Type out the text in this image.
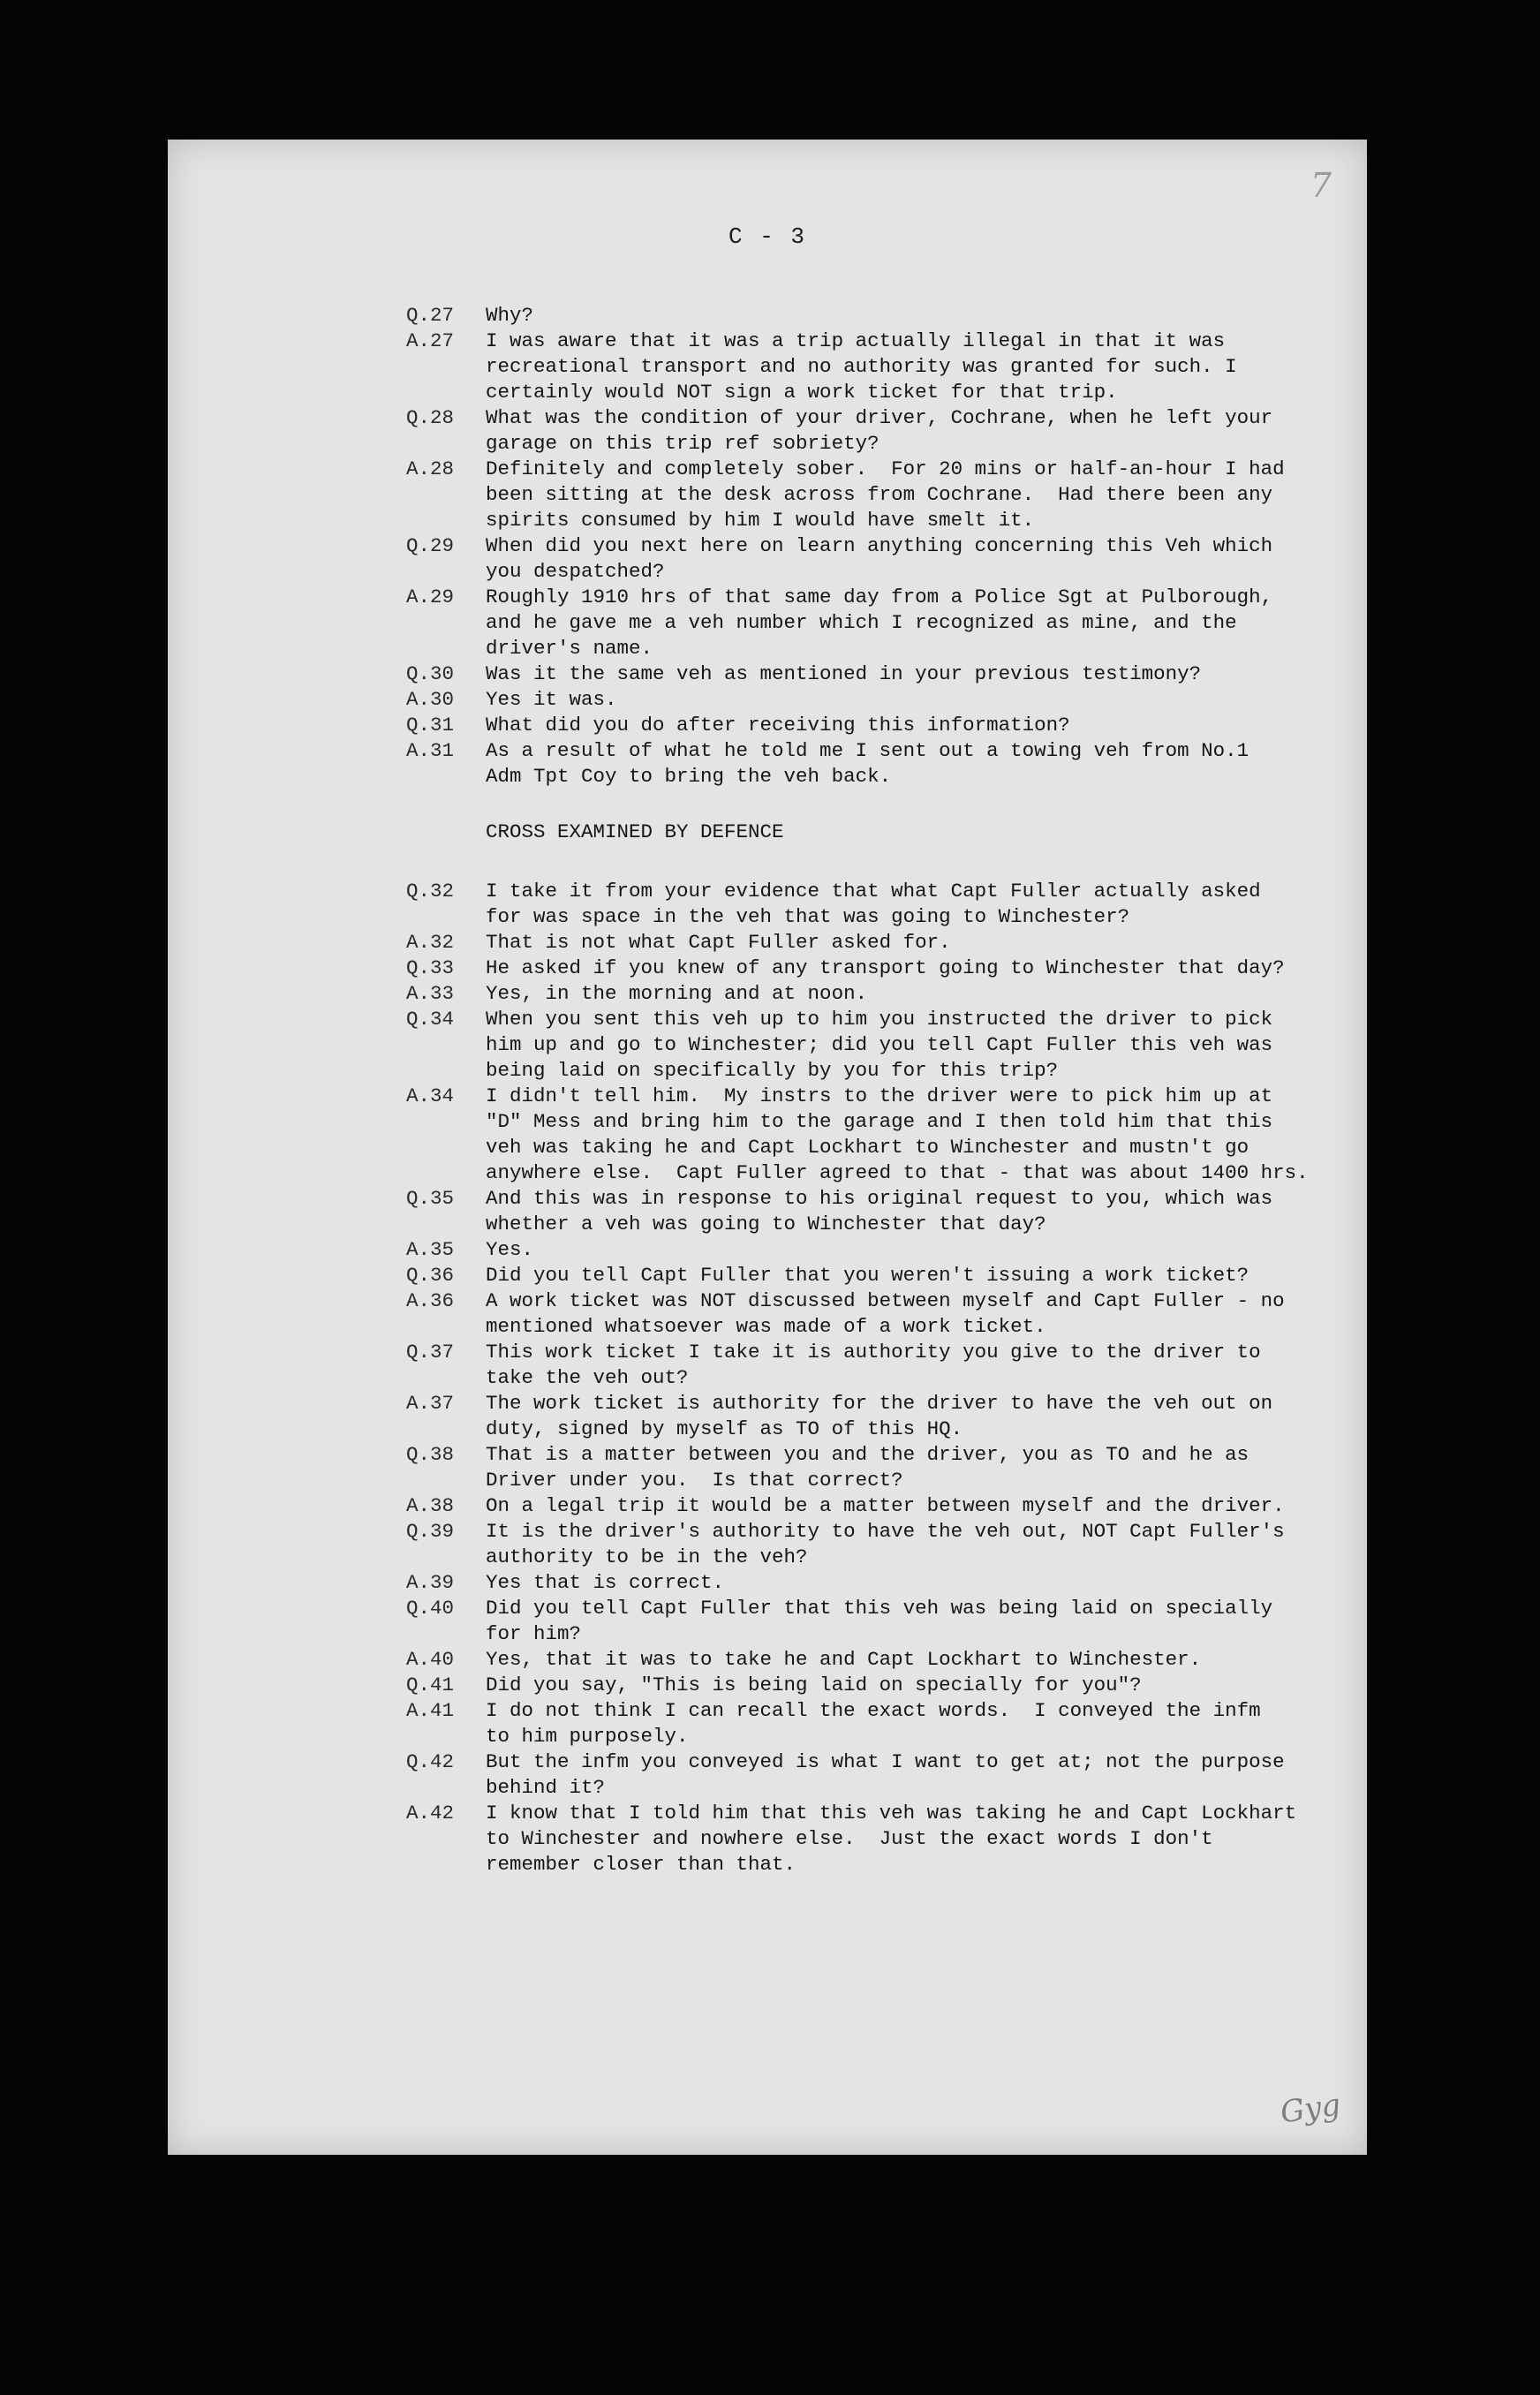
7
C - 3
Q.27	Why?
A.27	I was aware that it was a trip actually illegal in that it was
recreational transport and no authority was granted for such. I
certainly would NOT sign a work ticket for that trip.
Q.28	What was the condition of your driver, Cochrane, when he left your
garage on this trip ref sobriety?
A.28	Definitely and completely sober.  For 20 mins or half-an-hour I had
been sitting at the desk across from Cochrane.  Had there been any
spirits consumed by him I would have smelt it.
Q.29	When did you next here on learn anything concerning this Veh which
you despatched?
A.29	Roughly 1910 hrs of that same day from a Police Sgt at Pulborough,
and he gave me a veh number which I recognized as mine, and the
driver's name.
Q.30	Was it the same veh as mentioned in your previous testimony?
A.30	Yes it was.
Q.31	What did you do after receiving this information?
A.31	As a result of what he told me I sent out a towing veh from No.1
Adm Tpt Coy to bring the veh back.
CROSS EXAMINED BY DEFENCE
Q.32	I take it from your evidence that what Capt Fuller actually asked
for was space in the veh that was going to Winchester?
A.32	That is not what Capt Fuller asked for.
Q.33	He asked if you knew of any transport going to Winchester that day?
A.33	Yes, in the morning and at noon.
Q.34	When you sent this veh up to him you instructed the driver to pick
him up and go to Winchester; did you tell Capt Fuller this veh was
being laid on specifically by you for this trip?
A.34	I didn't tell him.  My instrs to the driver were to pick him up at
"D" Mess and bring him to the garage and I then told him that this
veh was taking he and Capt Lockhart to Winchester and mustn't go
anywhere else.  Capt Fuller agreed to that - that was about 1400 hrs.
Q.35	And this was in response to his original request to you, which was
whether a veh was going to Winchester that day?
A.35	Yes.
Q.36	Did you tell Capt Fuller that you weren't issuing a work ticket?
A.36	A work ticket was NOT discussed between myself and Capt Fuller - no
mentioned whatsoever was made of a work ticket.
Q.37	This work ticket I take it is authority you give to the driver to
take the veh out?
A.37	The work ticket is authority for the driver to have the veh out on
duty, signed by myself as TO of this HQ.
Q.38	That is a matter between you and the driver, you as TO and he as
Driver under you.  Is that correct?
A.38	On a legal trip it would be a matter between myself and the driver.
Q.39	It is the driver's authority to have the veh out, NOT Capt Fuller's
authority to be in the veh?
A.39	Yes that is correct.
Q.40	Did you tell Capt Fuller that this veh was being laid on specially
for him?
A.40	Yes, that it was to take he and Capt Lockhart to Winchester.
Q.41	Did you say, "This is being laid on specially for you"?
A.41	I do not think I can recall the exact words.  I conveyed the infm
to him purposely.
Q.42	But the infm you conveyed is what I want to get at; not the purpose
behind it?
A.42	I know that I told him that this veh was taking he and Capt Lockhart
to Winchester and nowhere else.  Just the exact words I don't
remember closer than that.
Gyg
